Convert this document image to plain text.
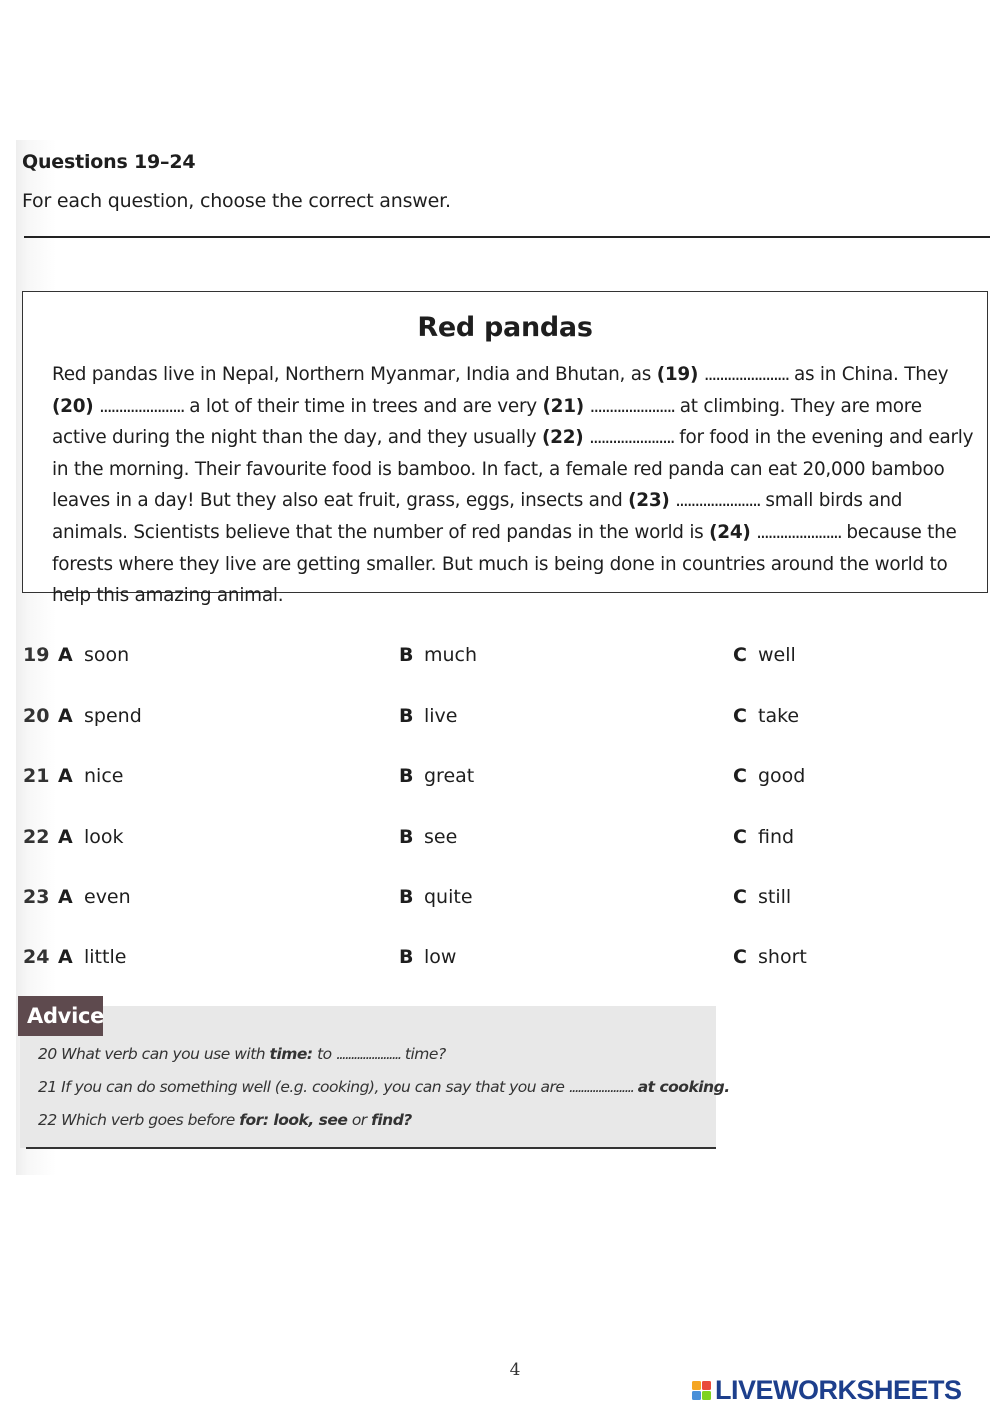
Questions 19–24

For each question, choose the correct answer.

Red pandas

Red pandas live in Nepal, Northern Myanmar, India and Bhutan, as (19) ...................... as in China. They (20) ...................... a lot of their time in trees and are very (21) ...................... at climbing. They are more active during the night than the day, and they usually (22) ...................... for food in the evening and early in the morning. Their favourite food is bamboo. In fact, a female red panda can eat 20,000 bamboo leaves in a day! But they also eat fruit, grass, eggs, insects and (23) ...................... small birds and animals. Scientists believe that the number of red pandas in the world is (24) ...................... because the forests where they live are getting smaller. But much is being done in countries around the world to help this amazing animal.

19 A soon	B much	C well
20 A spend	B live	C take
21 A nice	B great	C good
22 A look	B see	C find
23 A even	B quite	C still
24 A little	B low	C short
Advice

20 What verb can you use with time: to ...................... time?

21 If you can do something well (e.g. cooking), you can say that you are ...................... at cooking.

22 Which verb goes before for: look, see or find?

4
LIVEWORKSHEETS
